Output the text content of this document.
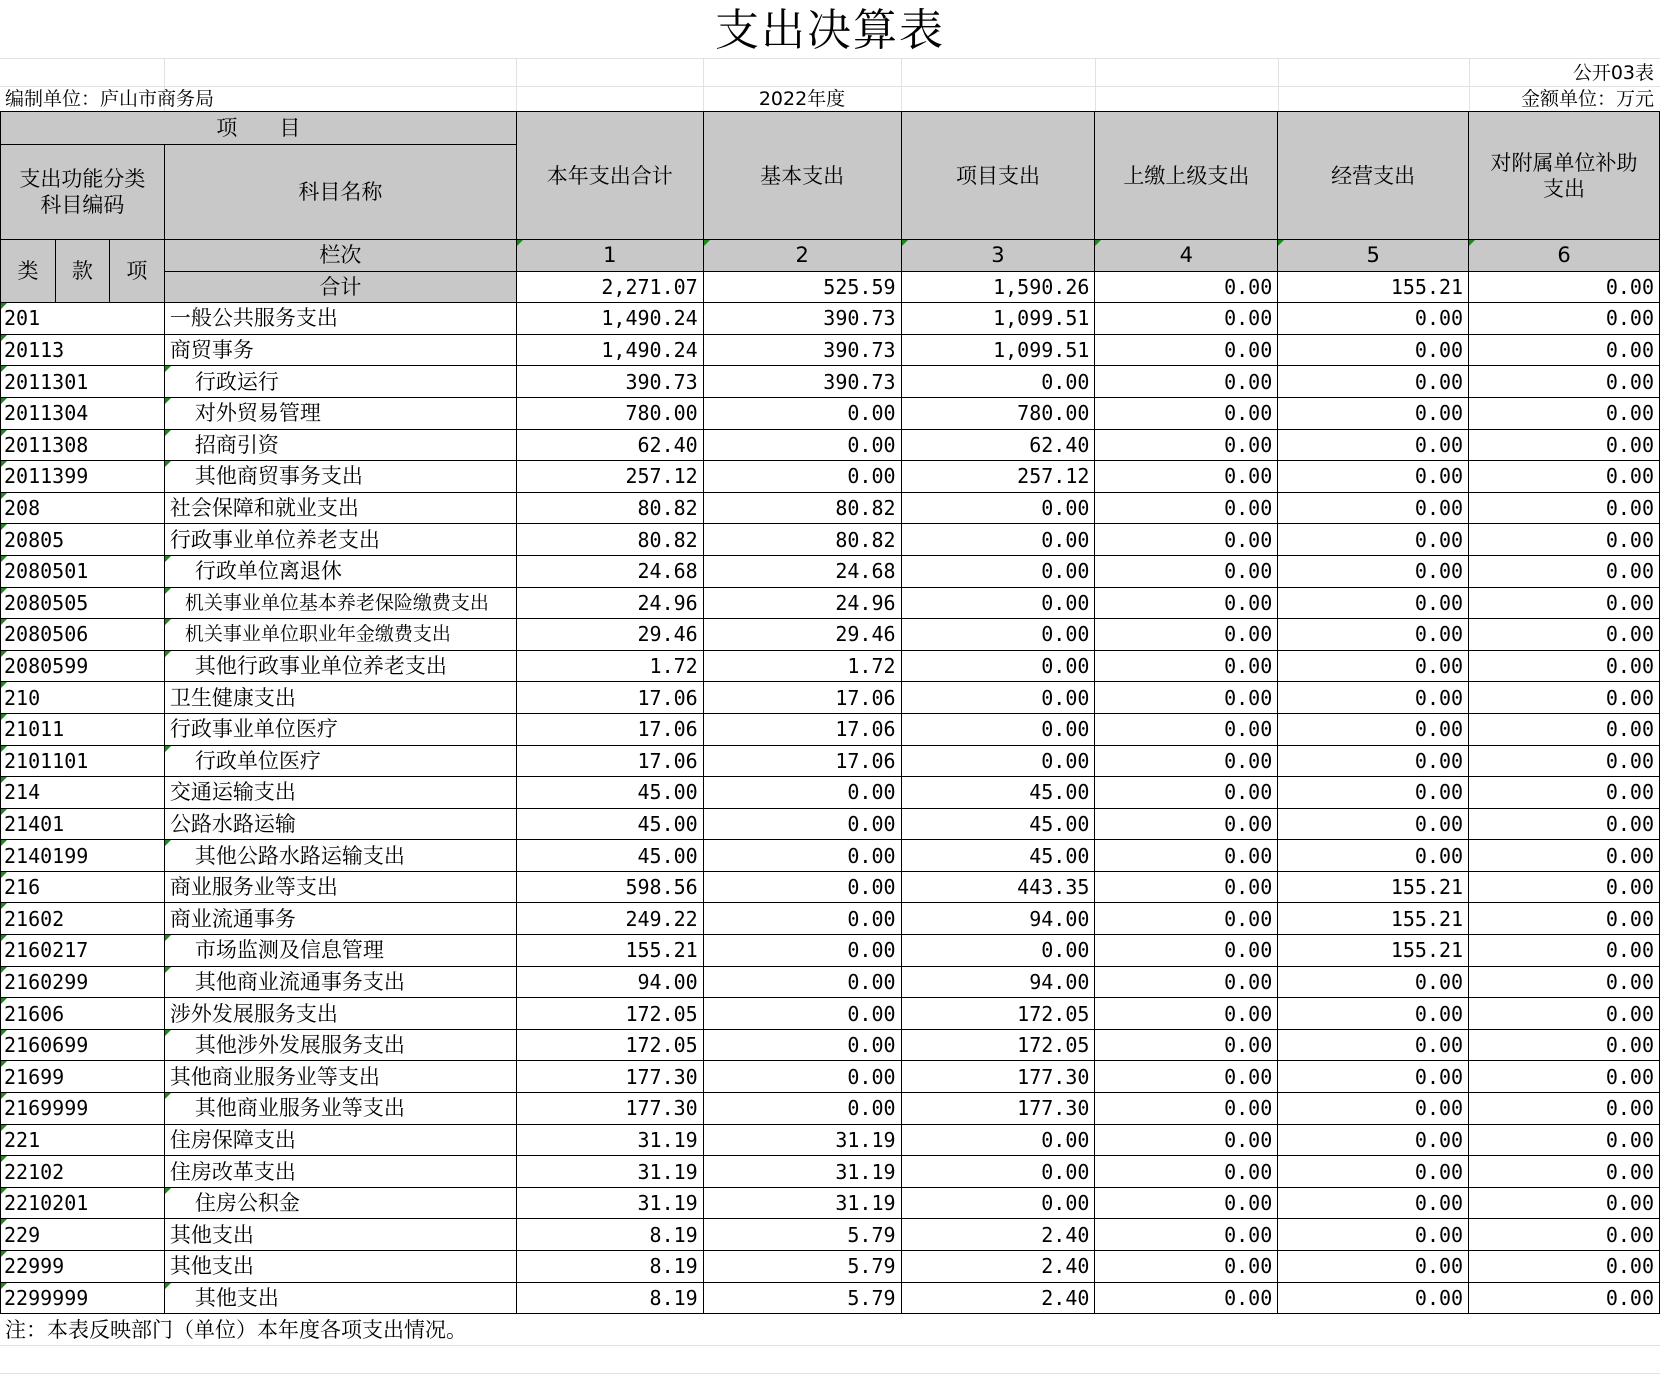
支出决算表
公开03表
编制单位：庐山市商务局	2022年度	金额单位：万元
项　　目				本年支出合计	基本支出	项目支出	上缴上级支出	经营支出	对附属单位补助支出
支出功能分类科目编码			科目名称						
类	款	项	栏次	1	2	3	4	5	6
			合计	2,271.07	525.59	1,590.26	0.00	155.21	0.00
201			一般公共服务支出	1,490.24	390.73	1,099.51	0.00	0.00	0.00
20113			商贸事务	1,490.24	390.73	1,099.51	0.00	0.00	0.00
2011301			行政运行	390.73	390.73	0.00	0.00	0.00	0.00
2011304			对外贸易管理	780.00	0.00	780.00	0.00	0.00	0.00
2011308			招商引资	62.40	0.00	62.40	0.00	0.00	0.00
2011399			其他商贸事务支出	257.12	0.00	257.12	0.00	0.00	0.00
208			社会保障和就业支出	80.82	80.82	0.00	0.00	0.00	0.00
20805			行政事业单位养老支出	80.82	80.82	0.00	0.00	0.00	0.00
2080501			行政单位离退休	24.68	24.68	0.00	0.00	0.00	0.00
2080505			机关事业单位基本养老保险缴费支出	24.96	24.96	0.00	0.00	0.00	0.00
2080506			机关事业单位职业年金缴费支出	29.46	29.46	0.00	0.00	0.00	0.00
2080599			其他行政事业单位养老支出	1.72	1.72	0.00	0.00	0.00	0.00
210			卫生健康支出	17.06	17.06	0.00	0.00	0.00	0.00
21011			行政事业单位医疗	17.06	17.06	0.00	0.00	0.00	0.00
2101101			行政单位医疗	17.06	17.06	0.00	0.00	0.00	0.00
214			交通运输支出	45.00	0.00	45.00	0.00	0.00	0.00
21401			公路水路运输	45.00	0.00	45.00	0.00	0.00	0.00
2140199			其他公路水路运输支出	45.00	0.00	45.00	0.00	0.00	0.00
216			商业服务业等支出	598.56	0.00	443.35	0.00	155.21	0.00
21602			商业流通事务	249.22	0.00	94.00	0.00	155.21	0.00
2160217			市场监测及信息管理	155.21	0.00	0.00	0.00	155.21	0.00
2160299			其他商业流通事务支出	94.00	0.00	94.00	0.00	0.00	0.00
21606			涉外发展服务支出	172.05	0.00	172.05	0.00	0.00	0.00
2160699			其他涉外发展服务支出	172.05	0.00	172.05	0.00	0.00	0.00
21699			其他商业服务业等支出	177.30	0.00	177.30	0.00	0.00	0.00
2169999			其他商业服务业等支出	177.30	0.00	177.30	0.00	0.00	0.00
221			住房保障支出	31.19	31.19	0.00	0.00	0.00	0.00
22102			住房改革支出	31.19	31.19	0.00	0.00	0.00	0.00
2210201			住房公积金	31.19	31.19	0.00	0.00	0.00	0.00
229			其他支出	8.19	5.79	2.40	0.00	0.00	0.00
22999			其他支出	8.19	5.79	2.40	0.00	0.00	0.00
2299999			其他支出	8.19	5.79	2.40	0.00	0.00	0.00
注：本表反映部门（单位）本年度各项支出情况。
